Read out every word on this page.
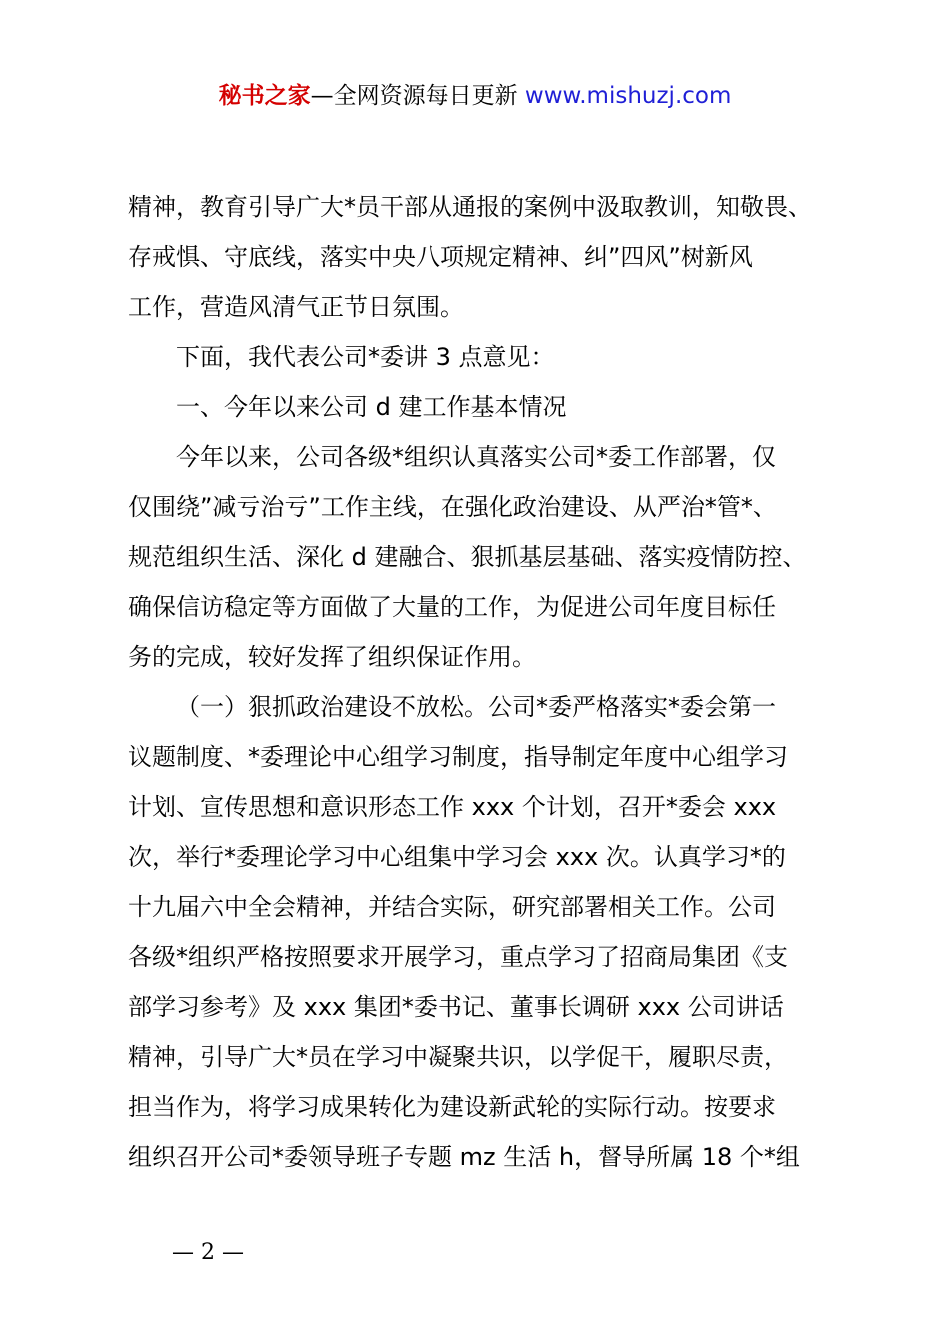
秘书之家—全网资源每日更新 www.mishuzj.com
精神，教育引导广大*员干部从通报的案例中汲取教训，知敬畏、
存戒惧、守底线，落实中央八项规定精神、纠”四风”树新风
工作，营造风清气正节日氛围。
下面，我代表公司*委讲 3 点意见：
一、今年以来公司 d 建工作基本情况
今年以来，公司各级*组织认真落实公司*委工作部署，仅
仅围绕”减亏治亏”工作主线，在强化政治建设、从严治*管*、
规范组织生活、深化 d 建融合、狠抓基层基础、落实疫情防控、
确保信访稳定等方面做了大量的工作，为促进公司年度目标任
务的完成，较好发挥了组织保证作用。
（一）狠抓政治建设不放松。公司*委严格落实*委会第一
议题制度、*委理论中心组学习制度，指导制定年度中心组学习
计划、宣传思想和意识形态工作 xxx 个计划，召开*委会 xxx
次，举行*委理论学习中心组集中学习会 xxx 次。认真学习*的
十九届六中全会精神，并结合实际，研究部署相关工作。公司
各级*组织严格按照要求开展学习，重点学习了招商局集团《支
部学习参考》及 xxx 集团*委书记、董事长调研 xxx 公司讲话
精神，引导广大*员在学习中凝聚共识，以学促干，履职尽责，
担当作为，将学习成果转化为建设新武轮的实际行动。按要求
组织召开公司*委领导班子专题 mz 生活 h，督导所属 18 个*组
— 2 —
